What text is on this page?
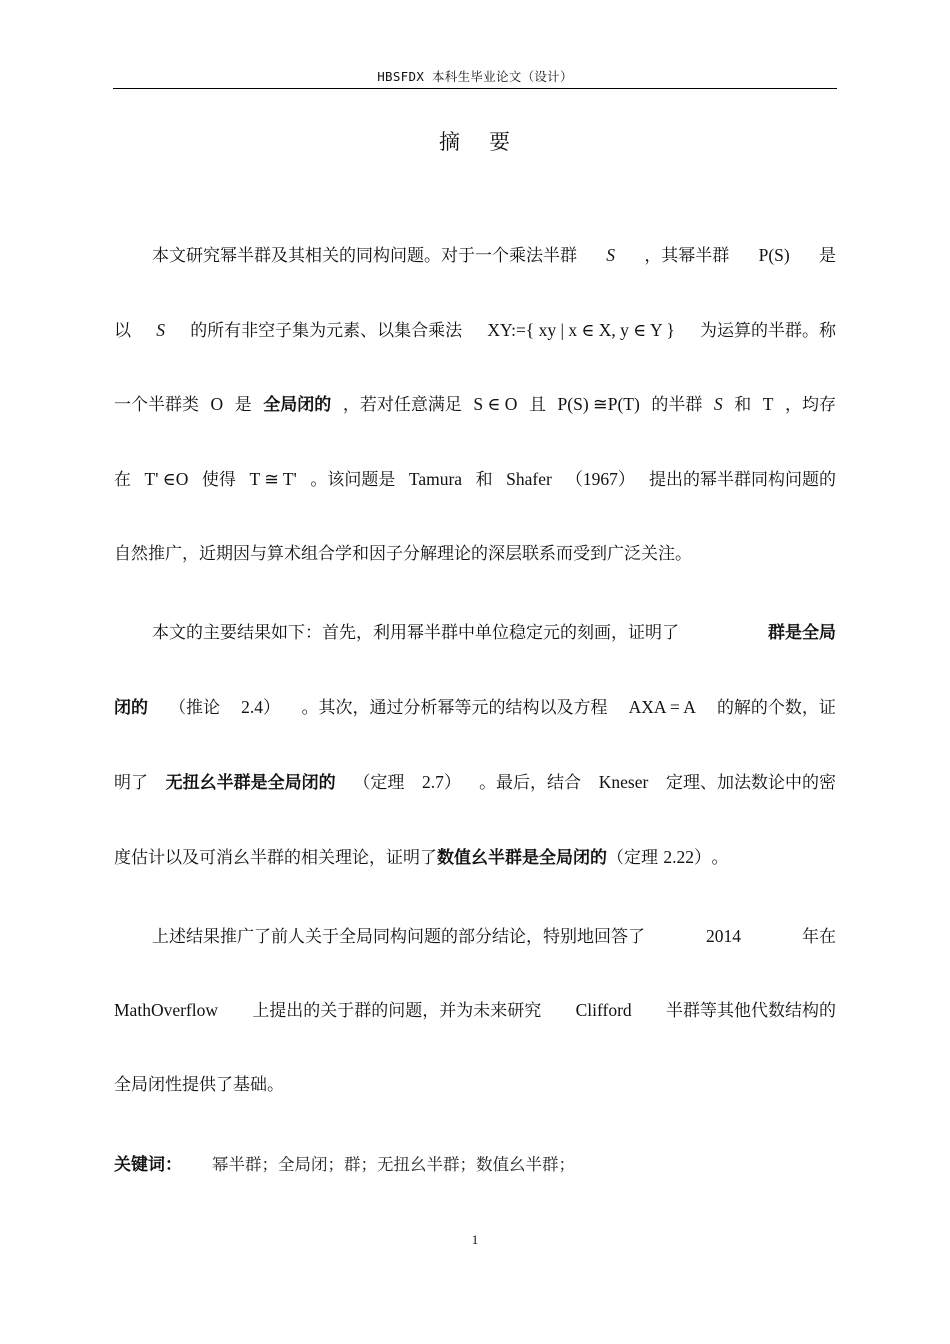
HBSFDX 本科生毕业论文（设计）
摘 要
本文研究幂半群及其相关的同构问题。对于一个乘法半群 S ，其幂半群 P(S) 是
以 S 的所有非空子集为元素、以集合乘法 XY:={ xy | x ∈ X, y ∈ Y } 为运算的半群。称
一个半群类 O 是 全局闭的 ，若对任意满足 S ∈ O 且 P(S) ≅P(T) 的半群 S 和 T ，均存
在 T' ∈O 使得 T ≅ T' 。该问题是 Tamura 和 Shafer （1967） 提出的幂半群同构问题的
自然推广，近期因与算术组合学和因子分解理论的深层联系而受到广泛关注。
本文的主要结果如下：首先，利用幂半群中单位稳定元的刻画，证明了	群是全局
闭的 （推论 2.4） 。其次，通过分析幂等元的结构以及方程 AXA = A 的解的个数，证
明了 无扭幺半群是全局闭的 （定理 2.7） 。最后，结合 Kneser 定理、加法数论中的密
度估计以及可消幺半群的相关理论，证明了 数值幺半群是全局闭的 （定理
2.22） 。
上述结果推广了前人关于全局同构问题的部分结论，特别地回答了	2014	年在
MathOverflow 上提出的关于群的问题，并为未来研究 Clifford 半群等其他代数结构的
全局闭性提供了基础。
关键词： 幂半群；全局闭；群；无扭幺半群；数值幺半群；
1
